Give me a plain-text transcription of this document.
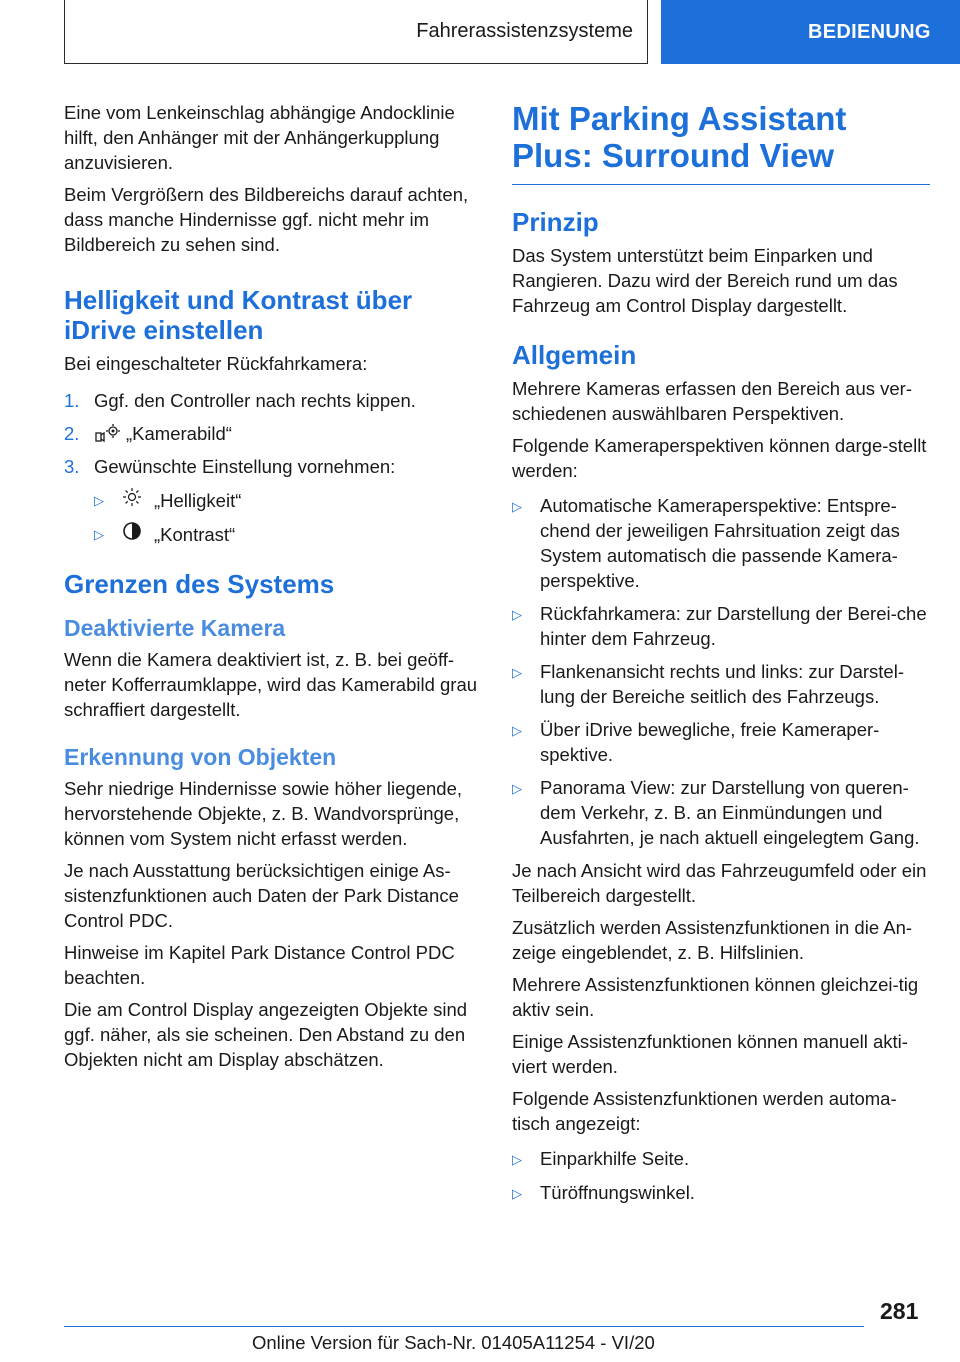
Fahrerassistenzsysteme	BEDIENUNG

Eine vom Lenkeinschlag abhängige Andocklinie hilft, den Anhänger mit der Anhängerkupplung anzuvisieren.

Beim Vergrößern des Bildbereichs darauf achten, dass manche Hindernisse ggf. nicht mehr im Bildbereich zu sehen sind.

Helligkeit und Kontrast über iDrive einstellen

Bei eingeschalteter Rückfahrkamera:

1. Ggf. den Controller nach rechts kippen.
2.	„Kamerabild“
3. Gewünschte Einstellung vornehmen:
▷	„Helligkeit“
▷	„Kontrast“
Grenzen des Systems
Deaktivierte Kamera

Wenn die Kamera deaktiviert ist, z. B. bei geöff-neter Kofferraumklappe, wird das Kamerabild grau schraffiert dargestellt.

Erkennung von Objekten

Sehr niedrige Hindernisse sowie höher liegende, hervorstehende Objekte, z. B. Wandvorsprünge, können vom System nicht erfasst werden.

Je nach Ausstattung berücksichtigen einige As-sistenzfunktionen auch Daten der Park Distance Control PDC.

Hinweise im Kapitel Park Distance Control PDC beachten.

Die am Control Display angezeigten Objekte sind ggf. näher, als sie scheinen. Den Abstand zu den Objekten nicht am Display abschätzen.

Mit Parking Assistant Plus: Surround View
Prinzip

Das System unterstützt beim Einparken und Rangieren. Dazu wird der Bereich rund um das Fahrzeug am Control Display dargestellt.

Allgemein

Mehrere Kameras erfassen den Bereich aus ver-schiedenen auswählbaren Perspektiven.

Folgende Kameraperspektiven können darge-stellt werden:

▷ Automatische Kameraperspektive: Entspre-chend der jeweiligen Fahrsituation zeigt das System automatisch die passende Kamera-perspektive.
▷ Rückfahrkamera: zur Darstellung der Berei-che hinter dem Fahrzeug.
▷ Flankenansicht rechts und links: zur Darstel-lung der Bereiche seitlich des Fahrzeugs.
▷ Über iDrive bewegliche, freie Kameraper-spektive.
▷ Panorama View: zur Darstellung von queren-dem Verkehr, z. B. an Einmündungen und Ausfahrten, je nach aktuell eingelegtem Gang.

Je nach Ansicht wird das Fahrzeugumfeld oder ein Teilbereich dargestellt.

Zusätzlich werden Assistenzfunktionen in die An-zeige eingeblendet, z. B. Hilfslinien.

Mehrere Assistenzfunktionen können gleichzei-tig aktiv sein.

Einige Assistenzfunktionen können manuell akti-viert werden.

Folgende Assistenzfunktionen werden automa-tisch angezeigt:

▷ Einparkhilfe Seite.
▷ Türöffnungswinkel.
281
Online Version für Sach-Nr. 01405A11254 - VI/20
